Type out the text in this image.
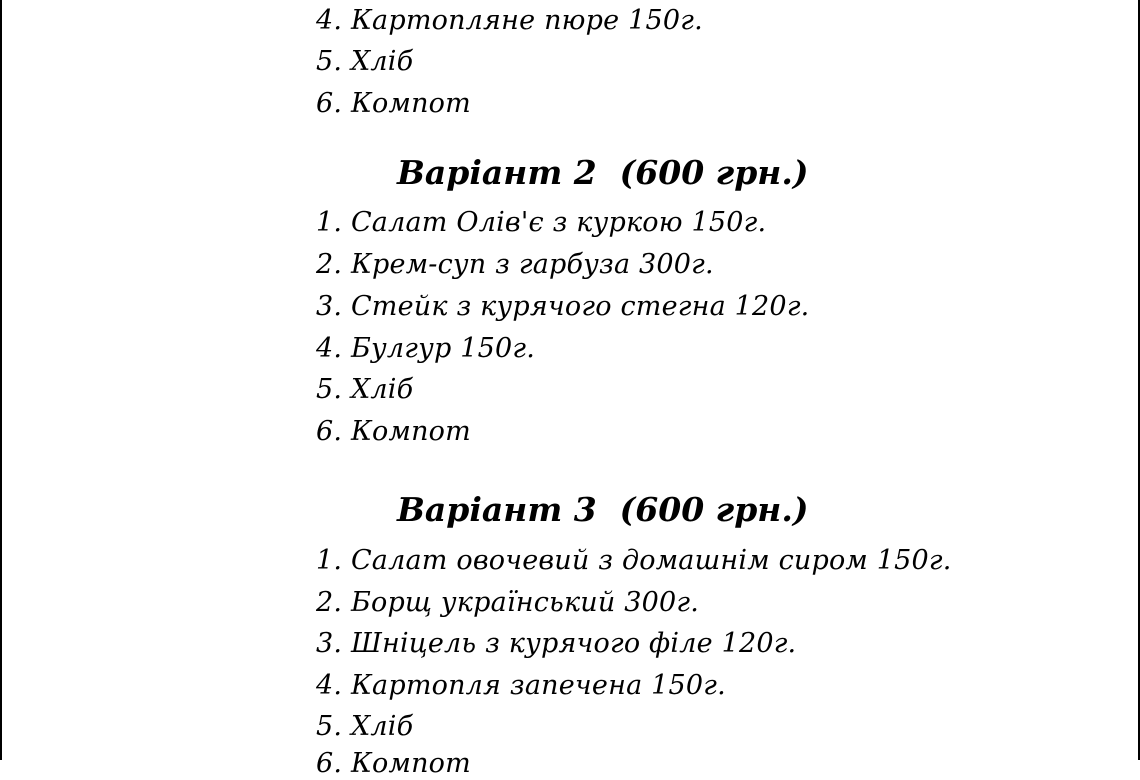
4. Картопляне пюре 150г.
5. Хліб
6. Компот
Варіант 2  (600 грн.)
1. Салат Олів'є з куркою 150г.
2. Крем-суп з гарбуза 300г.
3. Стейк з курячого стегна 120г.
4. Булгур 150г.
5. Хліб
6. Компот
Варіант 3  (600 грн.)
1. Салат овочевий з домашнім сиром 150г.
2. Борщ український 300г.
3. Шніцель з курячого філе 120г.
4. Картопля запечена 150г.
5. Хліб
6. Компот
